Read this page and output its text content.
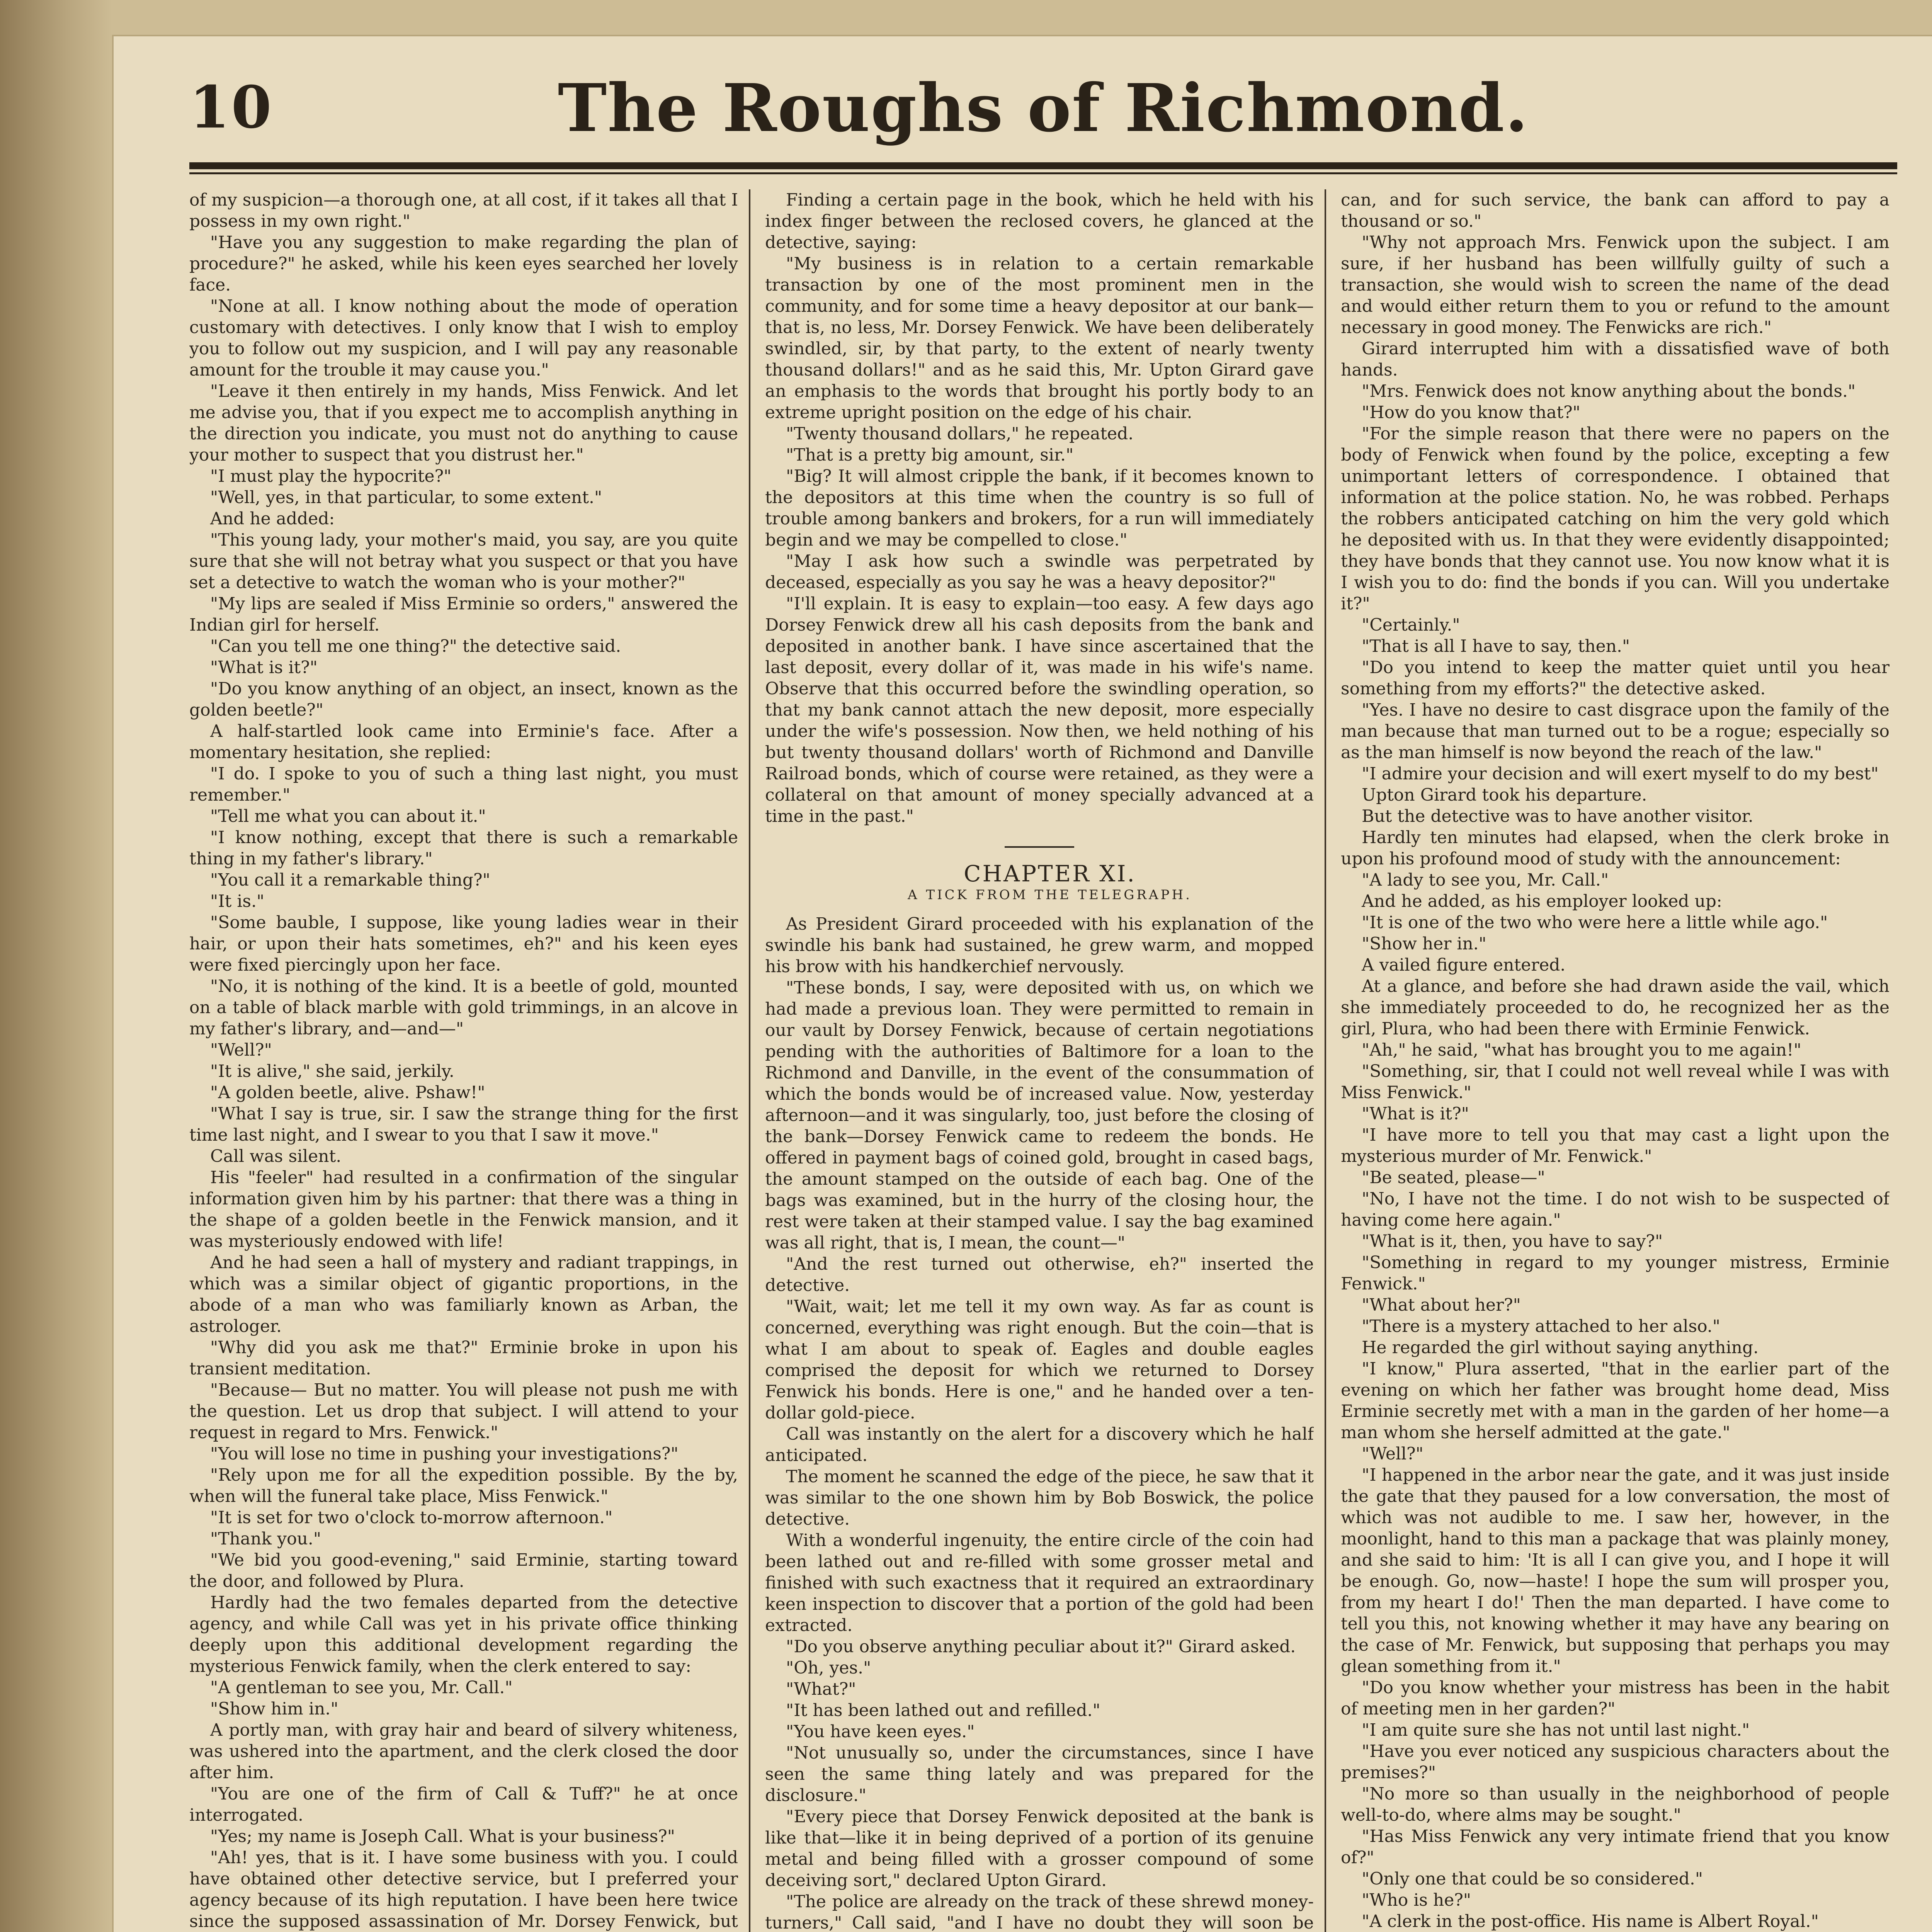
10	The Roughs of Richmond.

of my suspicion—a thorough one, at all cost, if it takes all that I possess in my own right."

"Have you any suggestion to make regarding the plan of procedure?" he asked, while his keen eyes searched her lovely face.

"None at all. I know nothing about the mode of operation customary with detectives. I only know that I wish to employ you to follow out my suspicion, and I will pay any reasonable amount for the trouble it may cause you."

"Leave it then entirely in my hands, Miss Fenwick. And let me advise you, that if you expect me to accomplish anything in the direction you indicate, you must not do anything to cause your mother to suspect that you distrust her."

"I must play the hypocrite?"

"Well, yes, in that particular, to some extent."

And he added:

"This young lady, your mother's maid, you say, are you quite sure that she will not betray what you suspect or that you have set a detective to watch the woman who is your mother?"

"My lips are sealed if Miss Erminie so orders," answered the Indian girl for herself.

"Can you tell me one thing?" the detective said.

"What is it?"

"Do you know anything of an object, an insect, known as the golden beetle?"

A half-startled look came into Erminie's face. After a momentary hesitation, she replied:

"I do. I spoke to you of such a thing last night, you must remember."

"Tell me what you can about it."

"I know nothing, except that there is such a remarkable thing in my father's library."

"You call it a remarkable thing?"

"It is."

"Some bauble, I suppose, like young ladies wear in their hair, or upon their hats sometimes, eh?" and his keen eyes were fixed piercingly upon her face.

"No, it is nothing of the kind. It is a beetle of gold, mounted on a table of black marble with gold trimmings, in an alcove in my father's library, and—and—"

"Well?"

"It is alive," she said, jerkily.

"A golden beetle, alive. Pshaw!"

"What I say is true, sir. I saw the strange thing for the first time last night, and I swear to you that I saw it move."

Call was silent.

His "feeler" had resulted in a confirmation of the singular information given him by his partner: that there was a thing in the shape of a golden beetle in the Fenwick mansion, and it was mysteriously endowed with life!

And he had seen a hall of mystery and radiant trappings, in which was a similar object of gigantic proportions, in the abode of a man who was familiarly known as Arban, the astrologer.

"Why did you ask me that?" Erminie broke in upon his transient meditation.

"Because— But no matter. You will please not push me with the question. Let us drop that subject. I will attend to your request in regard to Mrs. Fenwick."

"You will lose no time in pushing your investigations?"

"Rely upon me for all the expedition possible. By the by, when will the funeral take place, Miss Fenwick."

"It is set for two o'clock to-morrow afternoon."

"Thank you."

"We bid you good-evening," said Erminie, starting toward the door, and followed by Plura.

Hardly had the two females departed from the detective agency, and while Call was yet in his private office thinking deeply upon this additional development regarding the mysterious Fenwick family, when the clerk entered to say:

"A gentleman to see you, Mr. Call."

"Show him in."

A portly man, with gray hair and beard of silvery whiteness, was ushered into the apartment, and the clerk closed the door after him.

"You are one of the firm of Call & Tuff?" he at once interrogated.

"Yes; my name is Joseph Call. What is your business?"

"Ah! yes, that is it. I have some business with you. I could have obtained other detective service, but I preferred your agency because of its high reputation. I have been here twice since the supposed assassination of Mr. Dorsey Fenwick, but

Finding a certain page in the book, which he held with his index finger between the reclosed covers, he glanced at the detective, saying:

"My business is in relation to a certain remarkable transaction by one of the most prominent men in the community, and for some time a heavy depositor at our bank—that is, no less, Mr. Dorsey Fenwick. We have been deliberately swindled, sir, by that party, to the extent of nearly twenty thousand dollars!" and as he said this, Mr. Upton Girard gave an emphasis to the words that brought his portly body to an extreme upright position on the edge of his chair.

"Twenty thousand dollars," he repeated.

"That is a pretty big amount, sir."

"Big? It will almost cripple the bank, if it becomes known to the depositors at this time when the country is so full of trouble among bankers and brokers, for a run will immediately begin and we may be compelled to close."

"May I ask how such a swindle was perpetrated by deceased, especially as you say he was a heavy depositor?"

"I'll explain. It is easy to explain—too easy. A few days ago Dorsey Fenwick drew all his cash deposits from the bank and deposited in another bank. I have since ascertained that the last deposit, every dollar of it, was made in his wife's name. Observe that this occurred before the swindling operation, so that my bank cannot attach the new deposit, more especially under the wife's possession. Now then, we held nothing of his but twenty thousand dollars' worth of Richmond and Danville Railroad bonds, which of course were retained, as they were a collateral on that amount of money specially advanced at a time in the past."

CHAPTER XI.

A TICK FROM THE TELEGRAPH.

As President Girard proceeded with his explanation of the swindle his bank had sustained, he grew warm, and mopped his brow with his handkerchief nervously.

"These bonds, I say, were deposited with us, on which we had made a previous loan. They were permitted to remain in our vault by Dorsey Fenwick, because of certain negotiations pending with the authorities of Baltimore for a loan to the Richmond and Danville, in the event of the consummation of which the bonds would be of increased value. Now, yesterday afternoon—and it was singularly, too, just before the closing of the bank—Dorsey Fenwick came to redeem the bonds. He offered in payment bags of coined gold, brought in cased bags, the amount stamped on the outside of each bag. One of the bags was examined, but in the hurry of the closing hour, the rest were taken at their stamped value. I say the bag examined was all right, that is, I mean, the count—"

"And the rest turned out otherwise, eh?" inserted the detective.

"Wait, wait; let me tell it my own way. As far as count is concerned, everything was right enough. But the coin—that is what I am about to speak of. Eagles and double eagles comprised the deposit for which we returned to Dorsey Fenwick his bonds. Here is one," and he handed over a ten-dollar gold-piece.

Call was instantly on the alert for a discovery which he half anticipated.

The moment he scanned the edge of the piece, he saw that it was similar to the one shown him by Bob Boswick, the police detective.

With a wonderful ingenuity, the entire circle of the coin had been lathed out and re-filled with some grosser metal and finished with such exactness that it required an extraordinary keen inspection to discover that a portion of the gold had been extracted.

"Do you observe anything peculiar about it?" Girard asked.

"Oh, yes."

"What?"

"It has been lathed out and refilled."

"You have keen eyes."

"Not unusually so, under the circumstances, since I have seen the same thing lately and was prepared for the disclosure."

"Every piece that Dorsey Fenwick deposited at the bank is like that—like it in being deprived of a portion of its genuine metal and being filled with a grosser compound of some deceiving sort," declared Upton Girard.

"The police are already on the track of these shrewd money-turners," Call said, "and I have no doubt they will soon be

can, and for such service, the bank can afford to pay a thousand or so."

"Why not approach Mrs. Fenwick upon the subject. I am sure, if her husband has been willfully guilty of such a transaction, she would wish to screen the name of the dead and would either return them to you or refund to the amount necessary in good money. The Fenwicks are rich."

Girard interrupted him with a dissatisfied wave of both hands.

"Mrs. Fenwick does not know anything about the bonds."

"How do you know that?"

"For the simple reason that there were no papers on the body of Fenwick when found by the police, excepting a few unimportant letters of correspondence. I obtained that information at the police station. No, he was robbed. Perhaps the robbers anticipated catching on him the very gold which he deposited with us. In that they were evidently disappointed; they have bonds that they cannot use. You now know what it is I wish you to do: find the bonds if you can. Will you undertake it?"

"Certainly."

"That is all I have to say, then."

"Do you intend to keep the matter quiet until you hear something from my efforts?" the detective asked.

"Yes. I have no desire to cast disgrace upon the family of the man because that man turned out to be a rogue; especially so as the man himself is now beyond the reach of the law."

"I admire your decision and will exert myself to do my best"

Upton Girard took his departure.

But the detective was to have another visitor.

Hardly ten minutes had elapsed, when the clerk broke in upon his profound mood of study with the announcement:

"A lady to see you, Mr. Call."

And he added, as his employer looked up:

"It is one of the two who were here a little while ago."

"Show her in."

A vailed figure entered.

At a glance, and before she had drawn aside the vail, which she immediately proceeded to do, he recognized her as the girl, Plura, who had been there with Erminie Fenwick.

"Ah," he said, "what has brought you to me again!"

"Something, sir, that I could not well reveal while I was with Miss Fenwick."

"What is it?"

"I have more to tell you that may cast a light upon the mysterious murder of Mr. Fenwick."

"Be seated, please—"

"No, I have not the time. I do not wish to be suspected of having come here again."

"What is it, then, you have to say?"

"Something in regard to my younger mistress, Erminie Fenwick."

"What about her?"

"There is a mystery attached to her also."

He regarded the girl without saying anything.

"I know," Plura asserted, "that in the earlier part of the evening on which her father was brought home dead, Miss Erminie secretly met with a man in the garden of her home—a man whom she herself admitted at the gate."

"Well?"

"I happened in the arbor near the gate, and it was just inside the gate that they paused for a low conversation, the most of which was not audible to me. I saw her, however, in the moonlight, hand to this man a package that was plainly money, and she said to him: 'It is all I can give you, and I hope it will be enough. Go, now—haste! I hope the sum will prosper you, from my heart I do!' Then the man departed. I have come to tell you this, not knowing whether it may have any bearing on the case of Mr. Fenwick, but supposing that perhaps you may glean something from it."

"Do you know whether your mistress has been in the habit of meeting men in her garden?"

"I am quite sure she has not until last night."

"Have you ever noticed any suspicious characters about the premises?"

"No more so than usually in the neighborhood of people well-to-do, where alms may be sought."

"Has Miss Fenwick any very intimate friend that you know of?"

"Only one that could be so considered."

"Who is he?"

"A clerk in the post-office. His name is Albert Royal."
